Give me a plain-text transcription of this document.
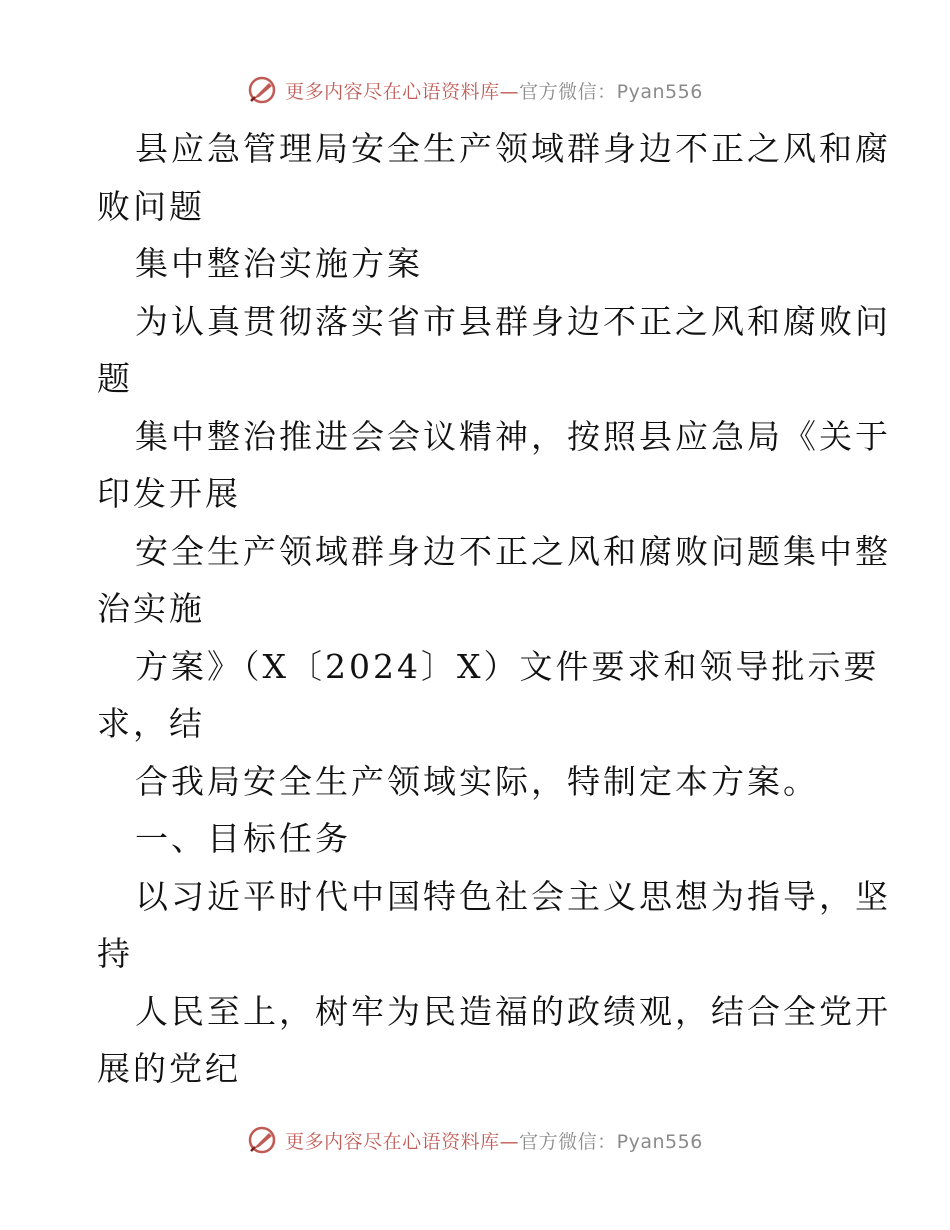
更多内容尽在心语资料库—官方微信：Pyan556
县应急管理局安全生产领域群身边不正之风和腐
败问题
集中整治实施方案
为认真贯彻落实省市县群身边不正之风和腐败问
题
集中整治推进会会议精神，按照县应急局《关于
印发开展
安全生产领域群身边不正之风和腐败问题集中整
治实施
方案》（X〔2024〕X）文件要求和领导批示要
求，结
合我局安全生产领域实际，特制定本方案。
一、目标任务
以习近平时代中国特色社会主义思想为指导，坚
持
人民至上，树牢为民造福的政绩观，结合全党开
展的党纪
更多内容尽在心语资料库—官方微信：Pyan556
